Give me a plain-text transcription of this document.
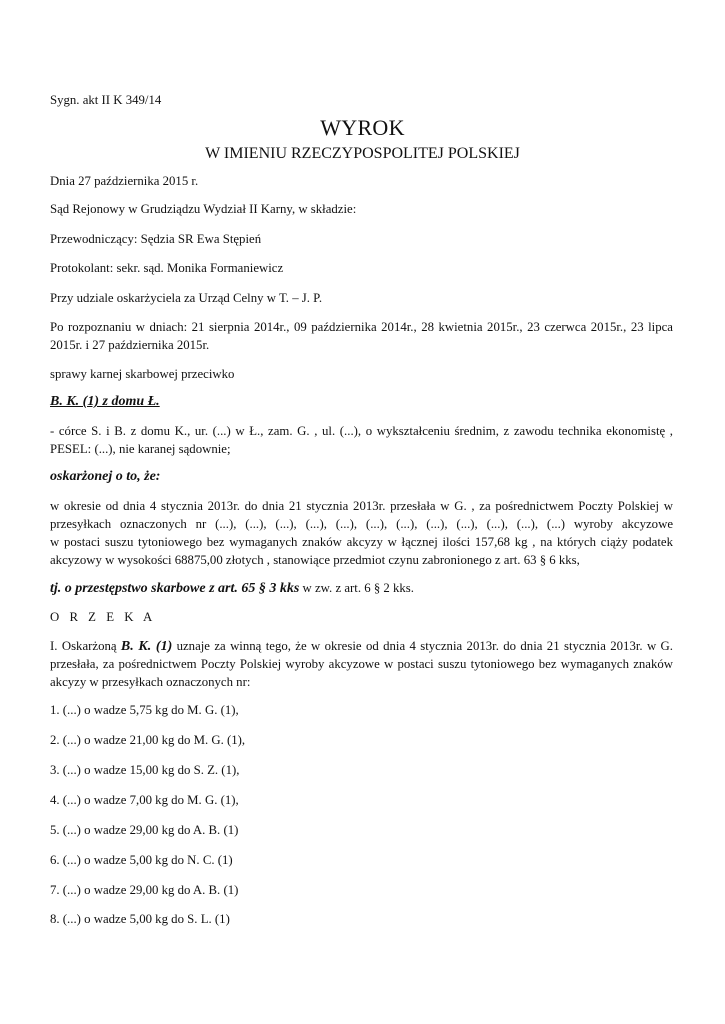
Sygn. akt II K 349/14
WYROK
W IMIENIU RZECZYPOSPOLITEJ POLSKIEJ
Dnia 27 października 2015 r.
Sąd Rejonowy w Grudziądzu Wydział II Karny, w składzie:
Przewodniczący: Sędzia SR Ewa Stępień
Protokolant: sekr. sąd. Monika Formaniewicz
Przy udziale oskarżyciela za Urząd Celny w T. – J. P.
Po rozpoznaniu w dniach: 21 sierpnia 2014r., 09 października 2014r., 28 kwietnia 2015r., 23 czerwca 2015r., 23 lipca
2015r. i 27 października 2015r.
sprawy karnej skarbowej przeciwko
B. K. (1) z domu Ł.
- córce S. i B. z domu K., ur. (...) w Ł., zam. G. , ul. (...), o wykształceniu średnim, z zawodu technika ekonomistę ,
PESEL: (...), nie karanej sądownie;
oskarżonej o to, że:
w okresie od dnia 4 stycznia 2013r. do dnia 21 stycznia 2013r. przesłała w G. , za pośrednictwem Poczty Polskiej w
przesyłkach oznaczonych nr (...), (...), (...), (...), (...), (...), (...), (...), (...), (...), (...), (...) wyroby akcyzowe
w postaci suszu tytoniowego bez wymaganych znaków akcyzy w łącznej ilości 157,68 kg , na których ciąży podatek
akcyzowy w wysokości 68875,00 złotych , stanowiące przedmiot czynu zabronionego z art. 63 § 6 kks,
tj. o przestępstwo skarbowe z art. 65 § 3 kks w zw. z art. 6 § 2 kks.
O R Z E K A
I. Oskarżoną B. K. (1) uznaje za winną tego, że w okresie od dnia 4 stycznia 2013r. do dnia 21 stycznia 2013r. w G.
przesłała, za pośrednictwem Poczty Polskiej wyroby akcyzowe w postaci suszu tytoniowego bez wymaganych znaków
akcyzy w przesyłkach oznaczonych nr:
1. (...) o wadze 5,75 kg do M. G. (1),
2. (...) o wadze 21,00 kg do M. G. (1),
3. (...) o wadze 15,00 kg do S. Z. (1),
4. (...) o wadze 7,00 kg do M. G. (1),
5. (...) o wadze 29,00 kg do A. B. (1)
6. (...) o wadze 5,00 kg do N. C. (1)
7. (...) o wadze 29,00 kg do A. B. (1)
8. (...) o wadze 5,00 kg do S. L. (1)
